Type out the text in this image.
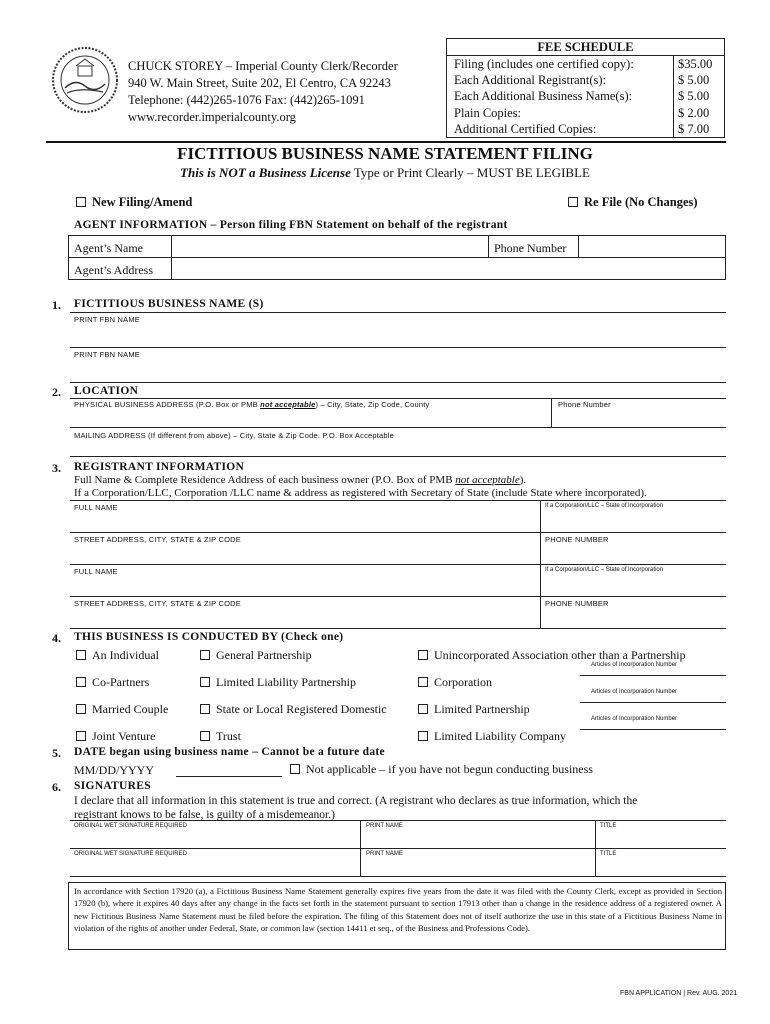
CHUCK STOREY – Imperial County Clerk/Recorder
940 W. Main Street, Suite 202, El Centro, CA 92243
Telephone: (442)265-1076 Fax: (442)265-1091
www.recorder.imperialcounty.org
FEE SCHEDULE
Filing (includes one certified copy):	$35.00
Each Additional Registrant(s):	$ 5.00
Each Additional Business Name(s):	$ 5.00
Plain Copies:	$ 2.00
Additional Certified Copies:	$ 7.00
FICTITIOUS BUSINESS NAME STATEMENT FILING
This is NOT a Business License Type or Print Clearly – MUST BE LEGIBLE
New Filing/Amend	Re File (No Changes)
AGENT INFORMATION – Person filing FBN Statement on behalf of the registrant
Agent’s Name	Phone Number
Agent’s Address
1. FICTITIOUS BUSINESS NAME (S)
PRINT FBN NAME
PRINT FBN NAME
2. LOCATION
PHYSICAL BUSINESS ADDRESS (P.O. Box or PMB not acceptable) – City, State, Zip Code, County	Phone Number
MAILING ADDRESS (If different from above) – City, State & Zip Code. P.O. Box Acceptable
3. REGISTRANT INFORMATION
Full Name & Complete Residence Address of each business owner (P.O. Box of PMB not acceptable).
If a Corporation/LLC, Corporation /LLC name & address as registered with Secretary of State (include State where incorporated).
FULL NAME	If a Corporation/LLC – State of Incorporation
STREET ADDRESS, CITY, STATE & ZIP CODE	PHONE NUMBER
FULL NAME	If a Corporation/LLC – State of Incorporation
STREET ADDRESS, CITY, STATE & ZIP CODE	PHONE NUMBER
4. THIS BUSINESS IS CONDUCTED BY (Check one)
An Individual
Co-Partners
Married Couple
Joint Venture
General Partnership
Limited Liability Partnership
State or Local Registered Domestic
Trust
Unincorporated Association other than a Partnership
Corporation
Limited Partnership
Limited Liability Company
Articles of Incorporation Number
Articles of Incorporation Number
Articles of Incorporation Number
5. DATE began using business name – Cannot be a future date
MM/DD/YYYY	Not applicable – if you have not begun conducting business
6. SIGNATURES
I declare that all information in this statement is true and correct. (A registrant who declares as true information, which the
registrant knows to be false, is guilty of a misdemeanor.)
ORIGINAL WET SIGNATURE REQUIRED	PRINT NAME	TITLE
ORIGINAL WET SIGNATURE REQUIRED	PRINT NAME	TITLE
In accordance with Section 17920 (a), a Fictitious Business Name Statement generally expires five years from the date it was filed with the County Clerk, except as provided in Section 17920 (b), where it expires 40 days after any change in the facts set forth in the statement pursuant to section 17913 other than a change in the residence address of a registered owner. A new Fictitious Business Name Statement must be filed before the expiration. The filing of this Statement does not of itself authorize the use in this state of a Fictitious Business Name in violation of the rights of another under Federal, State, or common law (section 14411 et seq., of the Business and Professions Code).
FBN APPLICATION | Rev. AUG. 2021
